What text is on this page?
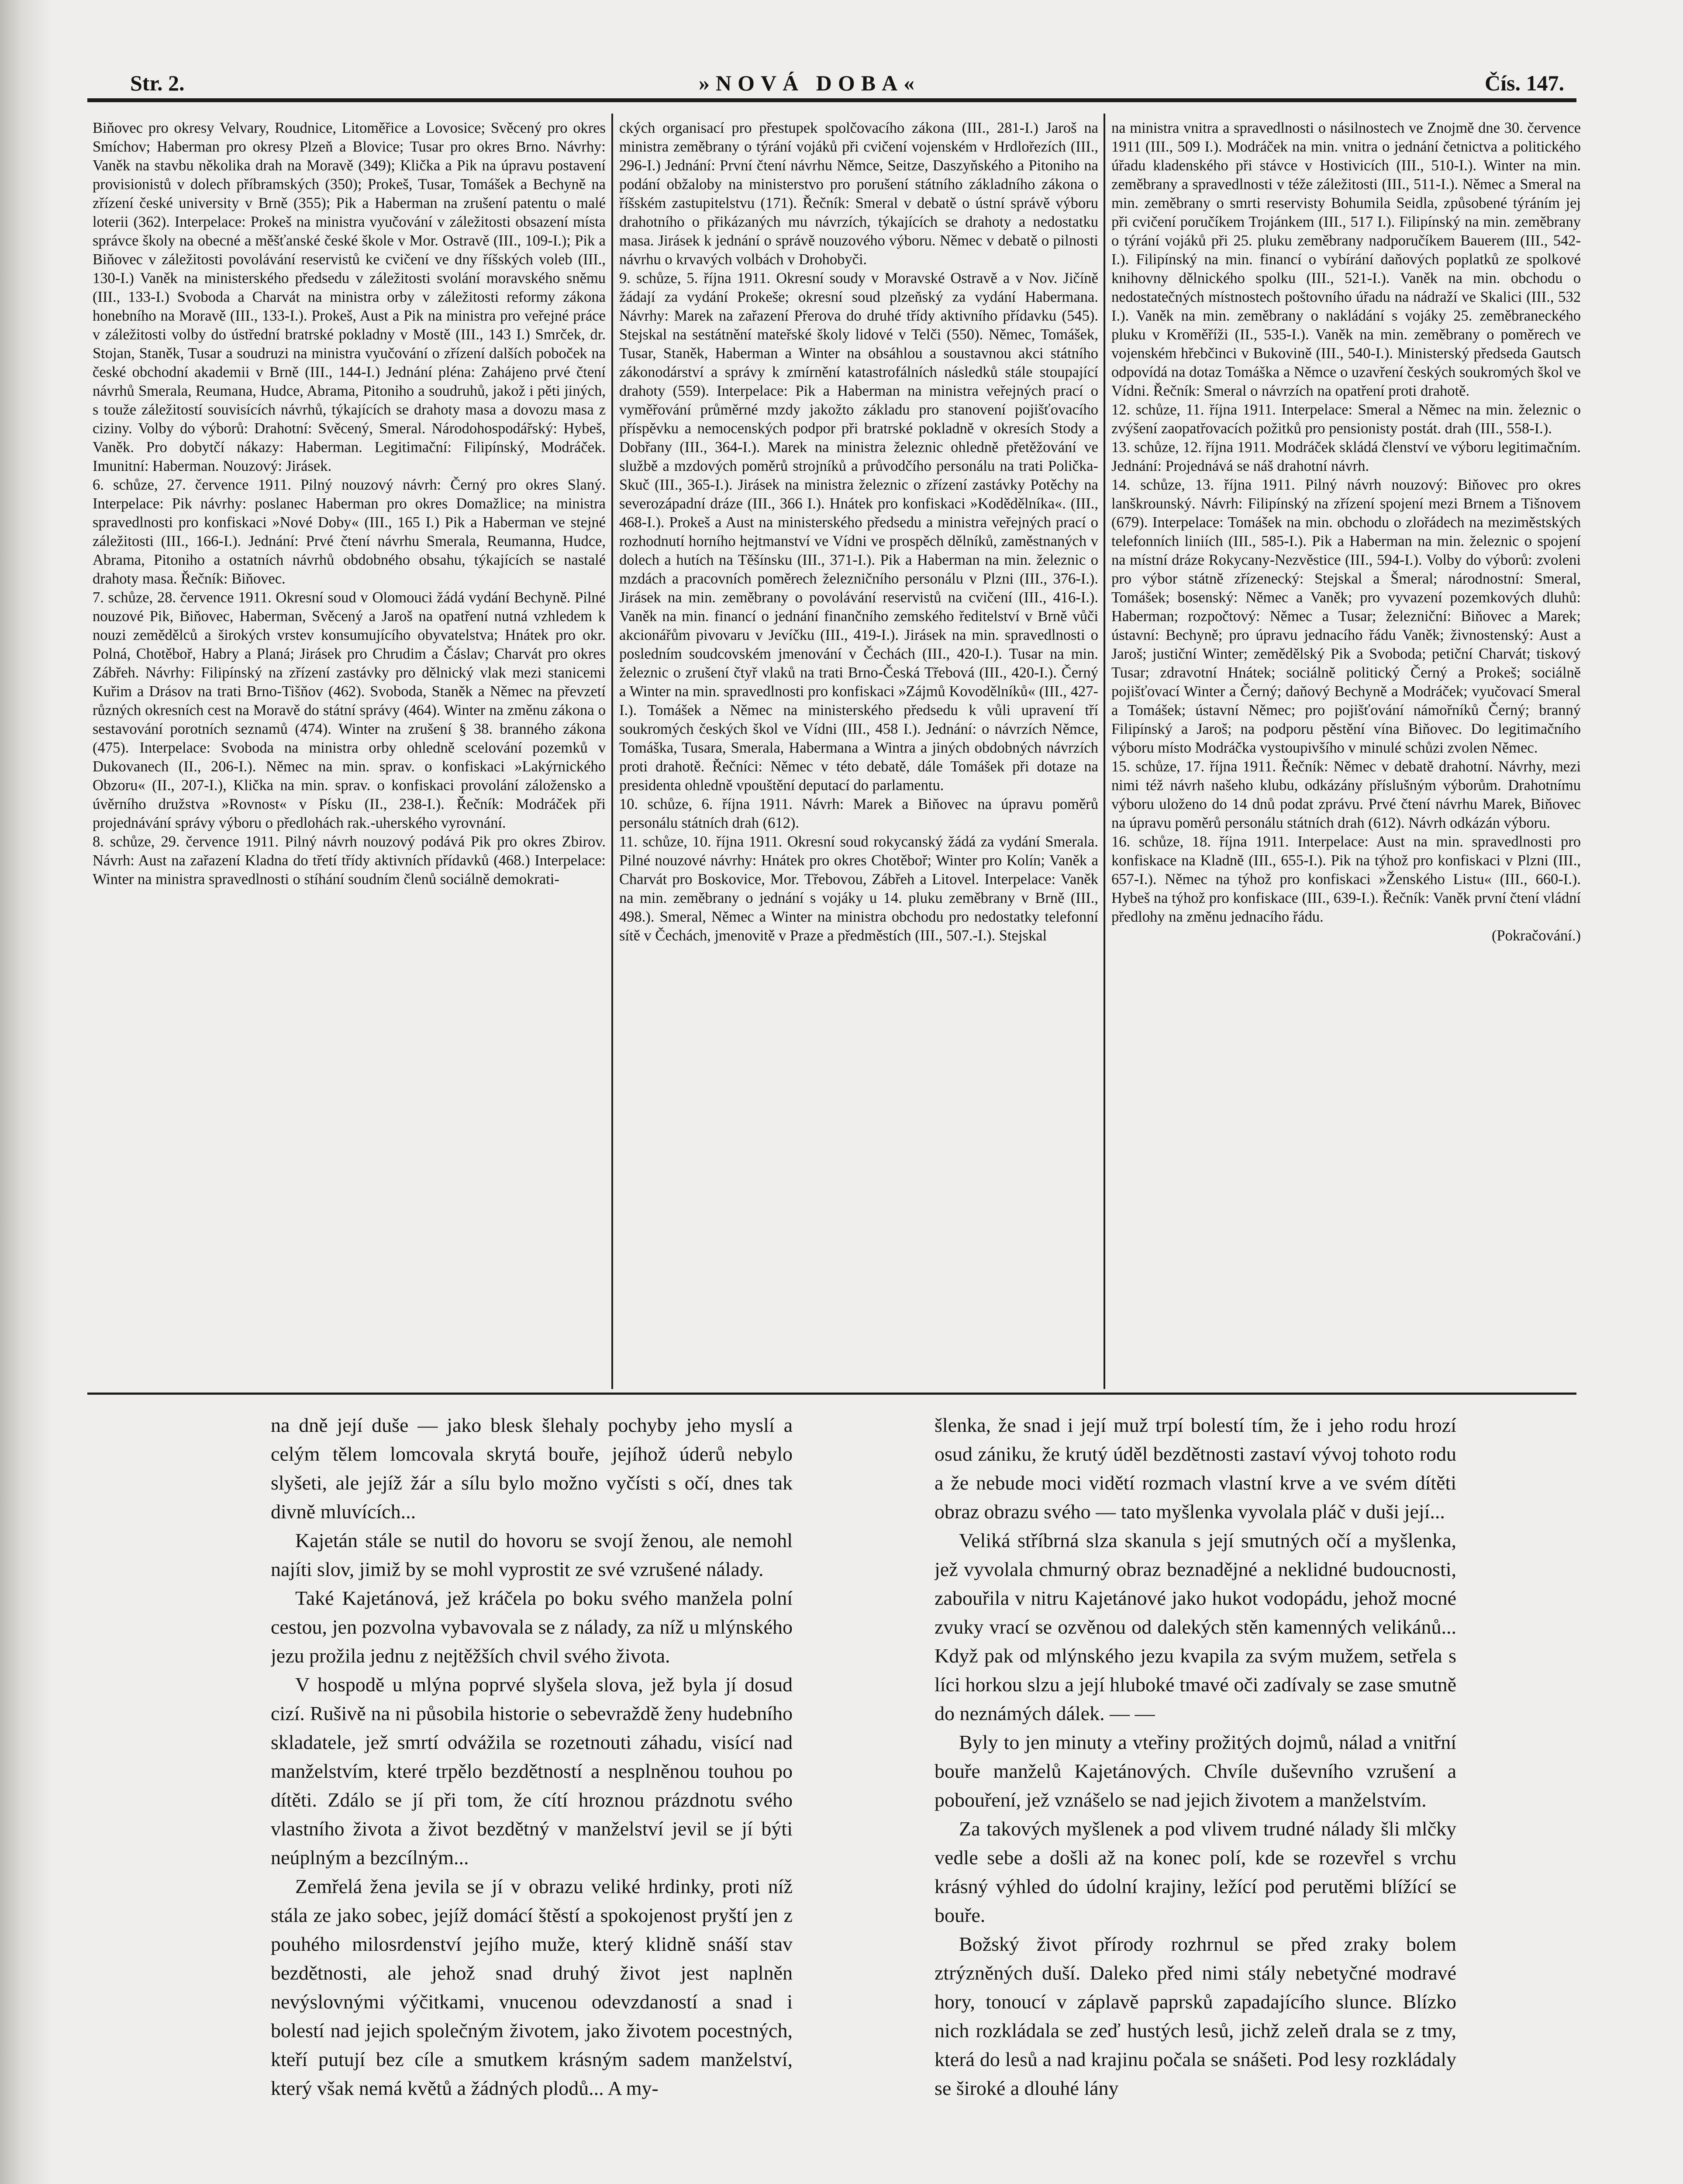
Str. 2.	»NOVÁ DOBA«	Čís. 147.

Biňovec pro okresy Velvary, Roudnice, Litoměřice a Lovosice; Svěcený pro okres Smíchov; Haberman pro okresy Plzeň a Blovice; Tusar pro okres Brno. Návrhy: Vaněk na stavbu několika drah na Moravě (349); Klička a Pik na úpravu postavení provisionistů v dolech příbramských (350); Prokeš, Tusar, Tomášek a Bechyně na zřízení české university v Brně (355); Pik a Haberman na zrušení patentu o malé loterii (362). Interpelace: Prokeš na ministra vyučování v záležitosti obsazení místa správce školy na obecné a měšťanské české škole v Mor. Ostravě (III., 109-I.); Pik a Biňovec v záležitosti povolávání reservistů ke cvičení ve dny říšských voleb (III., 130-I.) Vaněk na ministerského předsedu v záležitosti svolání moravského sněmu (III., 133-I.) Svoboda a Charvát na ministra orby v záležitosti reformy zákona honebního na Moravě (III., 133-I.). Prokeš, Aust a Pik na ministra pro veřejné práce v záležitosti volby do ústřední bratrské pokladny v Mostě (III., 143 I.) Smrček, dr. Stojan, Staněk, Tusar a soudruzi na ministra vyučování o zřízení dalších poboček na české obchodní akademii v Brně (III., 144-I.) Jednání pléna: Zahájeno prvé čtení návrhů Smerala, Reumana, Hudce, Abrama, Pitoniho a soudruhů, jakož i pěti jiných, s touže záležitostí souvisících návrhů, týkajících se drahoty masa a dovozu masa z ciziny. Volby do výborů: Drahotní: Svěcený, Smeral. Národohospodářský: Hybeš, Vaněk. Pro dobytčí nákazy: Haberman. Legitimační: Filipínský, Modráček. Imunitní: Haberman. Nouzový: Jirásek.

6. schůze, 27. července 1911. Pilný nouzový návrh: Černý pro okres Slaný. Interpelace: Pik návrhy: poslanec Haberman pro okres Domažlice; na ministra spravedlnosti pro konfiskaci »Nové Doby« (III., 165 I.) Pik a Haberman ve stejné záležitosti (III., 166-I.). Jednání: Prvé čtení návrhu Smerala, Reumanna, Hudce, Abrama, Pitoniho a ostatních návrhů obdobného obsahu, týkajících se nastalé drahoty masa. Řečník: Biňovec.

7. schůze, 28. července 1911. Okresní soud v Olomouci žádá vydání Bechyně. Pilné nouzové Pik, Biňovec, Haberman, Svěcený a Jaroš na opatření nutná vzhledem k nouzi zemědělců a širokých vrstev konsumujícího obyvatelstva; Hnátek pro okr. Polná, Chotěboř, Habry a Planá; Jirásek pro Chrudim a Čáslav; Charvát pro okres Zábřeh. Návrhy: Filipínský na zřízení zastávky pro dělnický vlak mezi stanicemi Kuřim a Drásov na trati Brno-Tišňov (462). Svoboda, Staněk a Němec na převzetí různých okresních cest na Moravě do státní správy (464). Winter na změnu zákona o sestavování porotních seznamů (474). Winter na zrušení § 38. branného zákona (475). Interpelace: Svoboda na ministra orby ohledně scelování pozemků v Dukovanech (II., 206-I.). Němec na min. sprav. o konfiskaci »Lakýrnického Obzoru« (II., 207-I.), Klička na min. sprav. o konfiskaci provolání záložensko a úvěrního družstva »Rovnost« v Písku (II., 238-I.). Řečník: Modráček při projednávání správy výboru o předlohách rak.-uherského vyrovnání.

8. schůze, 29. července 1911. Pilný návrh nouzový podává Pik pro okres Zbirov. Návrh: Aust na zařazení Kladna do třetí třídy aktivních přídavků (468.) Interpelace: Winter na ministra spravedlnosti o stíhání soudním členů sociálně demokrati-

ckých organisací pro přestupek spolčovacího zákona (III., 281-I.) Jaroš na ministra zeměbrany o týrání vojáků při cvičení vojenském v Hrdlořezích (III., 296-I.) Jednání: První čtení návrhu Němce, Seitze, Daszyňského a Pitoniho na podání obžaloby na ministerstvo pro porušení státního základního zákona o říšském zastupitelstvu (171). Řečník: Smeral v debatě o ústní správě výboru drahotního o přikázaných mu návrzích, týkajících se drahoty a nedostatku masa. Jirásek k jednání o správě nouzového výboru. Němec v debatě o pilnosti návrhu o krvavých volbách v Drohobyči.

9. schůze, 5. října 1911. Okresní soudy v Moravské Ostravě a v Nov. Jičíně žádají za vydání Prokeše; okresní soud plzeňský za vydání Habermana. Návrhy: Marek na zařazení Přerova do druhé třídy aktivního přídavku (545). Stejskal na sestátnění mateřské školy lidové v Telči (550). Němec, Tomášek, Tusar, Staněk, Haberman a Winter na obsáhlou a soustavnou akci státního zákonodárství a správy k zmírnění katastrofálních následků stále stoupající drahoty (559). Interpelace: Pik a Haberman na ministra veřejných prací o vyměřování průměrné mzdy jakožto základu pro stanovení pojišťovacího příspěvku a nemocenských podpor při bratrské pokladně v okresích Stody a Dobřany (III., 364-I.). Marek na ministra železnic ohledně přetěžování ve službě a mzdových poměrů strojníků a průvodčího personálu na trati Polička-Skuč (III., 365-I.). Jirásek na ministra železnic o zřízení zastávky Potěchy na severozápadní dráze (III., 366 I.). Hnátek pro konfiskaci »Kodědělníka«. (III., 468-I.). Prokeš a Aust na ministerského předsedu a ministra veřejných prací o rozhodnutí horního hejtmanství ve Vídni ve prospěch dělníků, zaměstnaných v dolech a hutích na Těšínsku (III., 371-I.). Pik a Haberman na min. železnic o mzdách a pracovních poměrech železničního personálu v Plzni (III., 376-I.). Jirásek na min. zeměbrany o povolávání reservistů na cvičení (III., 416-I.). Vaněk na min. financí o jednání finančního zemského ředitelství v Brně vůči akcionářům pivovaru v Jevíčku (III., 419-I.). Jirásek na min. spravedlnosti o posledním soudcovském jmenování v Čechách (III., 420-I.). Tusar na min. železnic o zrušení čtyř vlaků na trati Brno-Česká Třebová (III., 420-I.). Černý a Winter na min. spravedlnosti pro konfiskaci »Zájmů Kovodělníků« (III., 427-I.). Tomášek a Němec na ministerského předsedu k vůli upravení tří soukromých českých škol ve Vídni (III., 458 I.). Jednání: o návrzích Němce, Tomáška, Tusara, Smerala, Habermana a Wintra a jiných obdobných návrzích proti drahotě. Řečníci: Němec v této debatě, dále Tomášek při dotaze na presidenta ohledně vpouštění deputací do parlamentu.

10. schůze, 6. října 1911. Návrh: Marek a Biňovec na úpravu poměrů personálu státních drah (612).

11. schůze, 10. října 1911. Okresní soud rokycanský žádá za vydání Smerala. Pilné nouzové návrhy: Hnátek pro okres Chotěboř; Winter pro Kolín; Vaněk a Charvát pro Boskovice, Mor. Třebovou, Zábřeh a Litovel. Interpelace: Vaněk na min. zeměbrany o jednání s vojáky u 14. pluku zeměbrany v Brně (III., 498.). Smeral, Němec a Winter na ministra obchodu pro nedostatky telefonní sítě v Čechách, jmenovitě v Praze a předměstích (III., 507.-I.). Stejskal

na ministra vnitra a spravedlnosti o násilnostech ve Znojmě dne 30. července 1911 (III., 509 I.). Modráček na min. vnitra o jednání četnictva a politického úřadu kladenského při stávce v Hostivicích (III., 510-I.). Winter na min. zeměbrany a spravedlnosti v téže záležitosti (III., 511-I.). Němec a Smeral na min. zeměbrany o smrti reservisty Bohumila Seidla, způsobené týráním jej při cvičení poručíkem Trojánkem (III., 517 I.). Filipínský na min. zeměbrany o týrání vojáků při 25. pluku zeměbrany nadporučíkem Bauerem (III., 542-I.). Filipínský na min. financí o vybírání daňových poplatků ze spolkové knihovny dělnického spolku (III., 521-I.). Vaněk na min. obchodu o nedostatečných místnostech poštovního úřadu na nádraží ve Skalici (III., 532 I.). Vaněk na min. zeměbrany o nakládání s vojáky 25. zeměbraneckého pluku v Kroměříži (II., 535-I.). Vaněk na min. zeměbrany o poměrech ve vojenském hřebčinci v Bukovině (III., 540-I.). Ministerský předseda Gautsch odpovídá na dotaz Tomáška a Němce o uzavření českých soukromých škol ve Vídni. Řečník: Smeral o návrzích na opatření proti drahotě.

12. schůze, 11. října 1911. Interpelace: Smeral a Němec na min. železnic o zvýšení zaopatřovacích požitků pro pensionisty postát. drah (III., 558-I.).

13. schůze, 12. října 1911. Modráček skládá členství ve výboru legitimačním. Jednání: Projednává se náš drahotní návrh.

14. schůze, 13. října 1911. Pilný návrh nouzový: Biňovec pro okres lanškrounský. Návrh: Filipínský na zřízení spojení mezi Brnem a Tišnovem (679). Interpelace: Tomášek na min. obchodu o zlořádech na meziměstských telefonních liniích (III., 585-I.). Pik a Haberman na min. železnic o spojení na místní dráze Rokycany-Nezvěstice (III., 594-I.). Volby do výborů: zvoleni pro výbor státně zřízenecký: Stejskal a Šmeral; národnostní: Smeral, Tomášek; bosenský: Němec a Vaněk; pro vyvazení pozemkových dluhů: Haberman; rozpočtový: Němec a Tusar; železniční: Biňovec a Marek; ústavní: Bechyně; pro úpravu jednacího řádu Vaněk; živnostenský: Aust a Jaroš; justiční Winter; zemědělský Pik a Svoboda; petiční Charvát; tiskový Tusar; zdravotní Hnátek; sociálně politický Černý a Prokeš; sociálně pojišťovací Winter a Černý; daňový Bechyně a Modráček; vyučovací Smeral a Tomášek; ústavní Němec; pro pojišťování námořníků Černý; branný Filipínský a Jaroš; na podporu pěstění vína Biňovec. Do legitimačního výboru místo Modráčka vystoupivšího v minulé schůzi zvolen Němec.

15. schůze, 17. října 1911. Řečník: Němec v debatě drahotní. Návrhy, mezi nimi též návrh našeho klubu, odkázány příslušným výborům. Drahotnímu výboru uloženo do 14 dnů podat zprávu. Prvé čtení návrhu Marek, Biňovec na úpravu poměrů personálu státních drah (612). Návrh odkázán výboru.

16. schůze, 18. října 1911. Interpelace: Aust na min. spravedlnosti pro konfiskace na Kladně (III., 655-I.). Pik na týhož pro konfiskaci v Plzni (III., 657-I.). Němec na týhož pro konfiskaci »Ženského Listu« (III., 660-I.). Hybeš na týhož pro konfiskace (III., 639-I.). Řečník: Vaněk první čtení vládní předlohy na změnu jednacího řádu.

(Pokračování.)

na dně její duše — jako blesk šlehaly pochyby jeho myslí a celým tělem lomcovala skrytá bouře, jejíhož úderů nebylo slyšeti, ale jejíž žár a sílu bylo možno vyčísti s očí, dnes tak divně mluvících...

Kajetán stále se nutil do hovoru se svojí ženou, ale nemohl najíti slov, jimiž by se mohl vyprostit ze své vzrušené nálady.

Také Kajetánová, jež kráčela po boku svého manžela polní cestou, jen pozvolna vybavovala se z nálady, za níž u mlýnského jezu prožila jednu z nejtěžších chvil svého života.

V hospodě u mlýna poprvé slyšela slova, jež byla jí dosud cizí. Rušivě na ni působila historie o sebevraždě ženy hudebního skladatele, jež smrtí odvážila se rozetnouti záhadu, visící nad manželstvím, které trpělo bezdětností a nesplněnou touhou po dítěti. Zdálo se jí při tom, že cítí hroznou prázdnotu svého vlastního života a život bezdětný v manželství jevil se jí býti neúplným a bezcílným...

Zemřelá ženа jevila se jí v obrazu veliké hrdinky, proti níž stála ze jako sobec, jejíž domácí štěstí a spokojenost pryští jen z pouhého milosrdenství jejího muže, který klidně snáší stav bezdětnosti, ale jehož snad druhý život jest naplněn nevýslovnými výčitkami, vnucenou odevzdaností a snad i bolestí nad jejich společným životem, jako životem pocestných, kteří putují bez cíle a smutkem krásným sadem manželství, který však nemá květů a žádných plodů... A my-

šlenka, že snad i její muž trpí bolestí tím, že i jeho rodu hrozí osud zániku, že krutý úděl bezdětnosti zastaví vývoj tohoto rodu a že nebude moci vidětí rozmach vlastní krve a ve svém dítěti obraz obrazu svého — tato myšlenka vyvolala pláč v duši její...

Veliká stříbrná slza skanula s její smutných očí a myšlenka, jež vyvolala chmurný obraz beznadějné a neklidné budoucnosti, zabouřila v nitru Kajetánové jako hukot vodopádu, jehož mocné zvuky vrací se ozvěnou od dalekých stěn kamenných velikánů... Když pak od mlýnského jezu kvapila za svým mužem, setřela s líci horkou slzu a její hluboké tmavé oči zadívaly se zase smutně do neznámých dálek. — —

Byly to jen minuty a vteřiny prožitých dojmů, nálad a vnitřní bouře manželů Kajetánových. Chvíle duševního vzrušení a pobouření, jež vznášelo se nad jejich životem a manželstvím.

Za takových myšlenek a pod vlivem trudné nálady šli mlčky vedle sebe a došli až na konec polí, kde se rozevřel s vrchu krásný výhled do údolní krajiny, ležící pod perutěmi blížící se bouře.

Božský život přírody rozhrnul se před zraky bolem ztrýzněných duší. Daleko před nimi stály nebetyčné modravé hory, tonoucí v záplavě paprsků zapadajícího slunce. Blízko nich rozkládala se zeď hustých lesů, jichž zeleň drala se z tmy, která do lesů a nad krajinu počala se snášeti. Pod lesy rozkládaly se široké a dlouhé lány
